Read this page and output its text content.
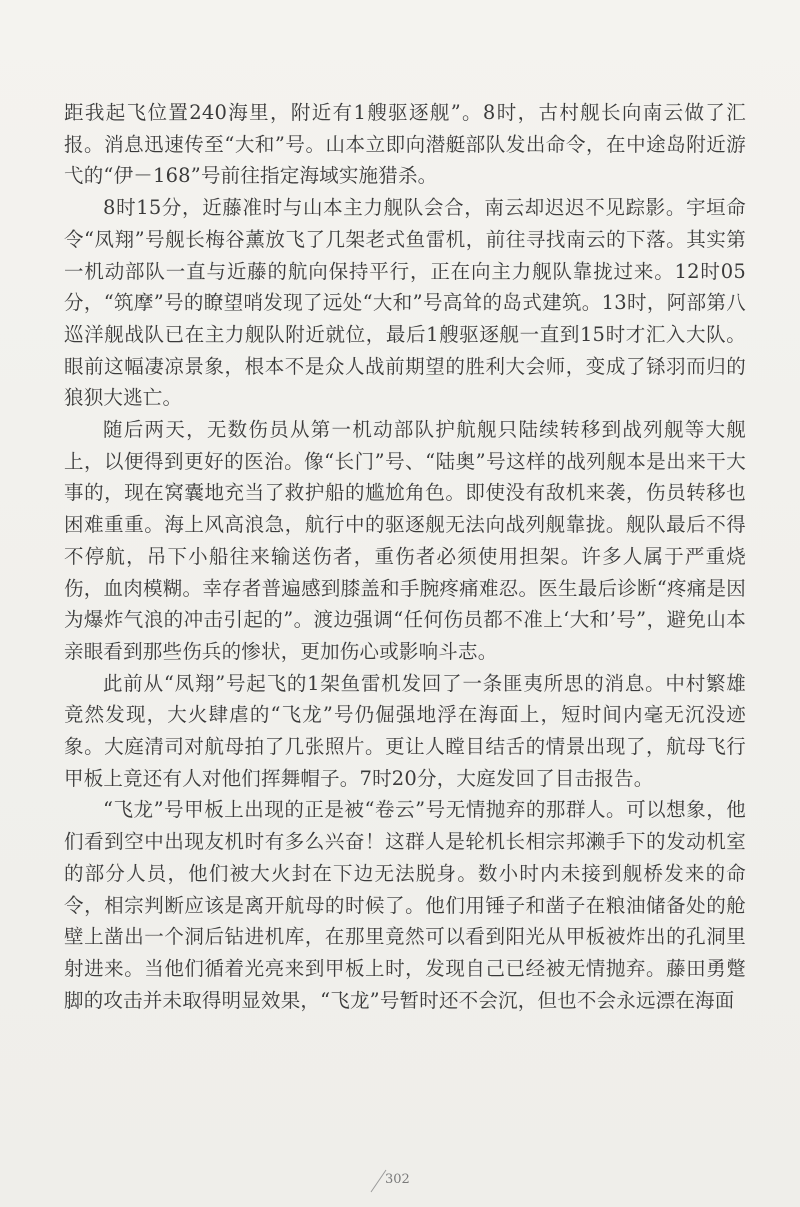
距我起飞位置240海里，附近有1艘驱逐舰”。8时，古村舰长向南云做了汇报。消息迅速传至“大和”号。山本立即向潜艇部队发出命令，在中途岛附近游弋的“伊－168”号前往指定海域实施猎杀。

8时15分，近藤准时与山本主力舰队会合，南云却迟迟不见踪影。宇垣命令“凤翔”号舰长梅谷薰放飞了几架老式鱼雷机，前往寻找南云的下落。其实第一机动部队一直与近藤的航向保持平行，正在向主力舰队靠拢过来。12时05分，“筑摩”号的瞭望哨发现了远处“大和”号高耸的岛式建筑。13时，阿部第八巡洋舰战队已在主力舰队附近就位，最后1艘驱逐舰一直到15时才汇入大队。眼前这幅凄凉景象，根本不是众人战前期望的胜利大会师，变成了铩羽而归的狼狈大逃亡。

随后两天，无数伤员从第一机动部队护航舰只陆续转移到战列舰等大舰上，以便得到更好的医治。像“长门”号、“陆奥”号这样的战列舰本是出来干大事的，现在窝囊地充当了救护船的尴尬角色。即使没有敌机来袭，伤员转移也困难重重。海上风高浪急，航行中的驱逐舰无法向战列舰靠拢。舰队最后不得不停航，吊下小船往来输送伤者，重伤者必须使用担架。许多人属于严重烧伤，血肉模糊。幸存者普遍感到膝盖和手腕疼痛难忍。医生最后诊断“疼痛是因为爆炸气浪的冲击引起的”。渡边强调“任何伤员都不准上‘大和’号”，避免山本亲眼看到那些伤兵的惨状，更加伤心或影响斗志。

此前从“凤翔”号起飞的1架鱼雷机发回了一条匪夷所思的消息。中村繁雄竟然发现，大火肆虐的“飞龙”号仍倔强地浮在海面上，短时间内毫无沉没迹象。大庭清司对航母拍了几张照片。更让人瞠目结舌的情景出现了，航母飞行甲板上竟还有人对他们挥舞帽子。7时20分，大庭发回了目击报告。

“飞龙”号甲板上出现的正是被“卷云”号无情抛弃的那群人。可以想象，他们看到空中出现友机时有多么兴奋！这群人是轮机长相宗邦濑手下的发动机室的部分人员，他们被大火封在下边无法脱身。数小时内未接到舰桥发来的命令，相宗判断应该是离开航母的时候了。他们用锤子和凿子在粮油储备处的舱壁上凿出一个洞后钻进机库，在那里竟然可以看到阳光从甲板被炸出的孔洞里射进来。当他们循着光亮来到甲板上时，发现自己已经被无情抛弃。藤田勇蹩脚的攻击并未取得明显效果，“飞龙”号暂时还不会沉，但也不会永远漂在海面

302
